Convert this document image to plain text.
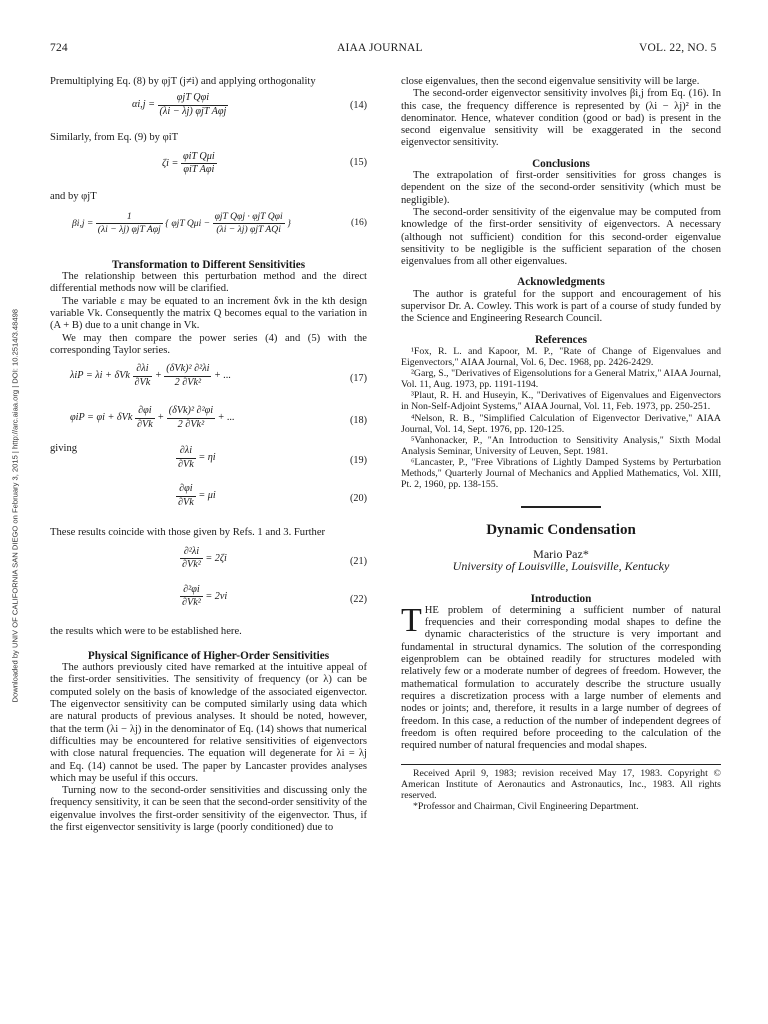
724	AIAA JOURNAL	VOL. 22, NO. 5
Downloaded by UNIV OF CALIFORNIA SAN DIEGO on February 3, 2015 | http://arc.aiaa.org | DOI: 10.2514/3.48498

Premultiplying Eq. (8) by φjT (j≠i) and applying orthogonality

$\alpha i,j = \frac{\text{φjT Qφi}}{\text{(λi − λj) φjT Aφj}}$	(14)

Similarly, from Eq. (9) by φiT

$\zeta i = \frac{\text{φiT Qμi}}{\text{φiT Aφi}}$	(15)

and by φjT

$\beta i,j = \frac{1}{\text{(λi − λj) φjT Aφj}}$ { φjT $Q\mu i - \frac{\text{φjT Qφj · φjT Qφi}}{\text{(λi − λj) φjT AQi}}$ }	(16)

Transformation to Different Sensitivities

The relationship between this perturbation method and the direct differential methods now will be clarified.

The variable ε may be equated to an increment δvk in the kth design variable Vk. Consequently the matrix Q becomes equal to the variation in (A + B) due to a unit change in Vk.

We may then compare the power series (4) and (5) with the corresponding Taylor series.

λiP = λi + δVk $\frac{\partial\lambda i}{\partial Vk} + \frac{\text{(δVk)² ∂²λi}}{\text{2 ∂Vk²}}$ + ...	(17)
φiP = φi + δVk $\frac{\partial\varphi i}{\partial Vk} + \frac{\text{(δVk)² ∂²φi}}{\text{2 ∂Vk²}}$ + ...	(18)

giving	$\frac{\partial\lambda i}{\partial Vk} = \eta i$	(19)
$\frac{\partial\varphi i}{\partial Vk} = \mu i$	(20)

These results coincide with those given by Refs. 1 and 3. Further

$\frac{\text{∂²λi}}{\text{∂Vk²}} = 2\zeta i$	(21)
$\frac{\text{∂²φi}}{\text{∂Vk²}} = 2vi$	(22)

the results which were to be established here.

Physical Significance of Higher-Order Sensitivities

The authors previously cited have remarked at the intuitive appeal of the first-order sensitivities. The sensitivity of frequency (or λ) can be computed solely on the basis of knowledge of the associated eigenvector. The eigenvector sensitivity can be computed similarly using data which are natural products of previous analyses. It should be noted, however, that the term (λi − λj) in the denominator of Eq. (14) shows that numerical difficulties may be encountered for relative sensitivities of eigenvectors with close natural frequencies. The equation will degenerate for λi = λj and Eq. (14) cannot be used. The paper by Lancaster provides analyses which may be useful if this occurs.

Turning now to the second-order sensitivities and discussing only the frequency sensitivity, it can be seen that the second-order sensitivity of the eigenvalue involves the first-order sensitivity of the eigenvector. Thus, if the first eigenvector sensitivity is large (poorly conditioned) due to

close eigenvalues, then the second eigenvalue sensitivity will be large.

The second-order eigenvector sensitivity involves βi,j from Eq. (16). In this case, the frequency difference is represented by (λi − λj)² in the denominator. Hence, whatever condition (good or bad) is present in the second eigenvalue sensitivity will be exaggerated in the second eigenvector sensitivity.

Conclusions

The extrapolation of first-order sensitivities for gross changes is dependent on the size of the second-order sensitivity (which must be negligible).

The second-order sensitivity of the eigenvalue may be computed from knowledge of the first-order sensitivity of eigenvectors. A necessary (although not sufficient) condition for this second-order eigenvalue sensitivity to be negligible is the sufficient separation of the chosen eigenvalues from all other eigenvalues.

Acknowledgments

The author is grateful for the support and encouragement of his supervisor Dr. A. Cowley. This work is part of a course of study funded by the Science and Engineering Research Council.

References

¹Fox, R. L. and Kapoor, M. P., "Rate of Change of Eigenvalues and Eigenvectors," AIAA Journal, Vol. 6, Dec. 1968, pp. 2426-2429.

²Garg, S., "Derivatives of Eigensolutions for a General Matrix," AIAA Journal, Vol. 11, Aug. 1973, pp. 1191-1194.

³Plaut, R. H. and Huseyin, K., "Derivatives of Eigenvalues and Eigenvectors in Non-Self-Adjoint Systems," AIAA Journal, Vol. 11, Feb. 1973, pp. 250-251.

⁴Nelson, R. B., "Simplified Calculation of Eigenvector Derivative," AIAA Journal, Vol. 14, Sept. 1976, pp. 120-125.

⁵Vanhonacker, P., "An Introduction to Sensitivity Analysis," Sixth Modal Analysis Seminar, University of Leuven, Sept. 1981.

⁶Lancaster, P., "Free Vibrations of Lightly Damped Systems by Perturbation Methods," Quarterly Journal of Mechanics and Applied Mathematics, Vol. XIII, Pt. 2, 1960, pp. 138-155.

Dynamic Condensation

Mario Paz*

University of Louisville, Louisville, Kentucky

Introduction

THE problem of determining a sufficient number of natural frequencies and their corresponding modal shapes to define the dynamic characteristics of the structure is very important and fundamental in structural dynamics. The solution of the corresponding eigenproblem can be obtained readily for structures modeled with relatively few or a moderate number of degrees of freedom. However, the mathematical formulation to accurately describe the structure usually requires a discretization process with a large number of elements and nodes or joints; and, therefore, it results in a large number of degrees of freedom. In this case, a reduction of the number of independent degrees of freedom is often required before proceeding to the calculation of the required number of natural frequencies and modal shapes.

Received April 9, 1983; revision received May 17, 1983. Copyright © American Institute of Aeronautics and Astronautics, Inc., 1983. All rights reserved.

*Professor and Chairman, Civil Engineering Department.
